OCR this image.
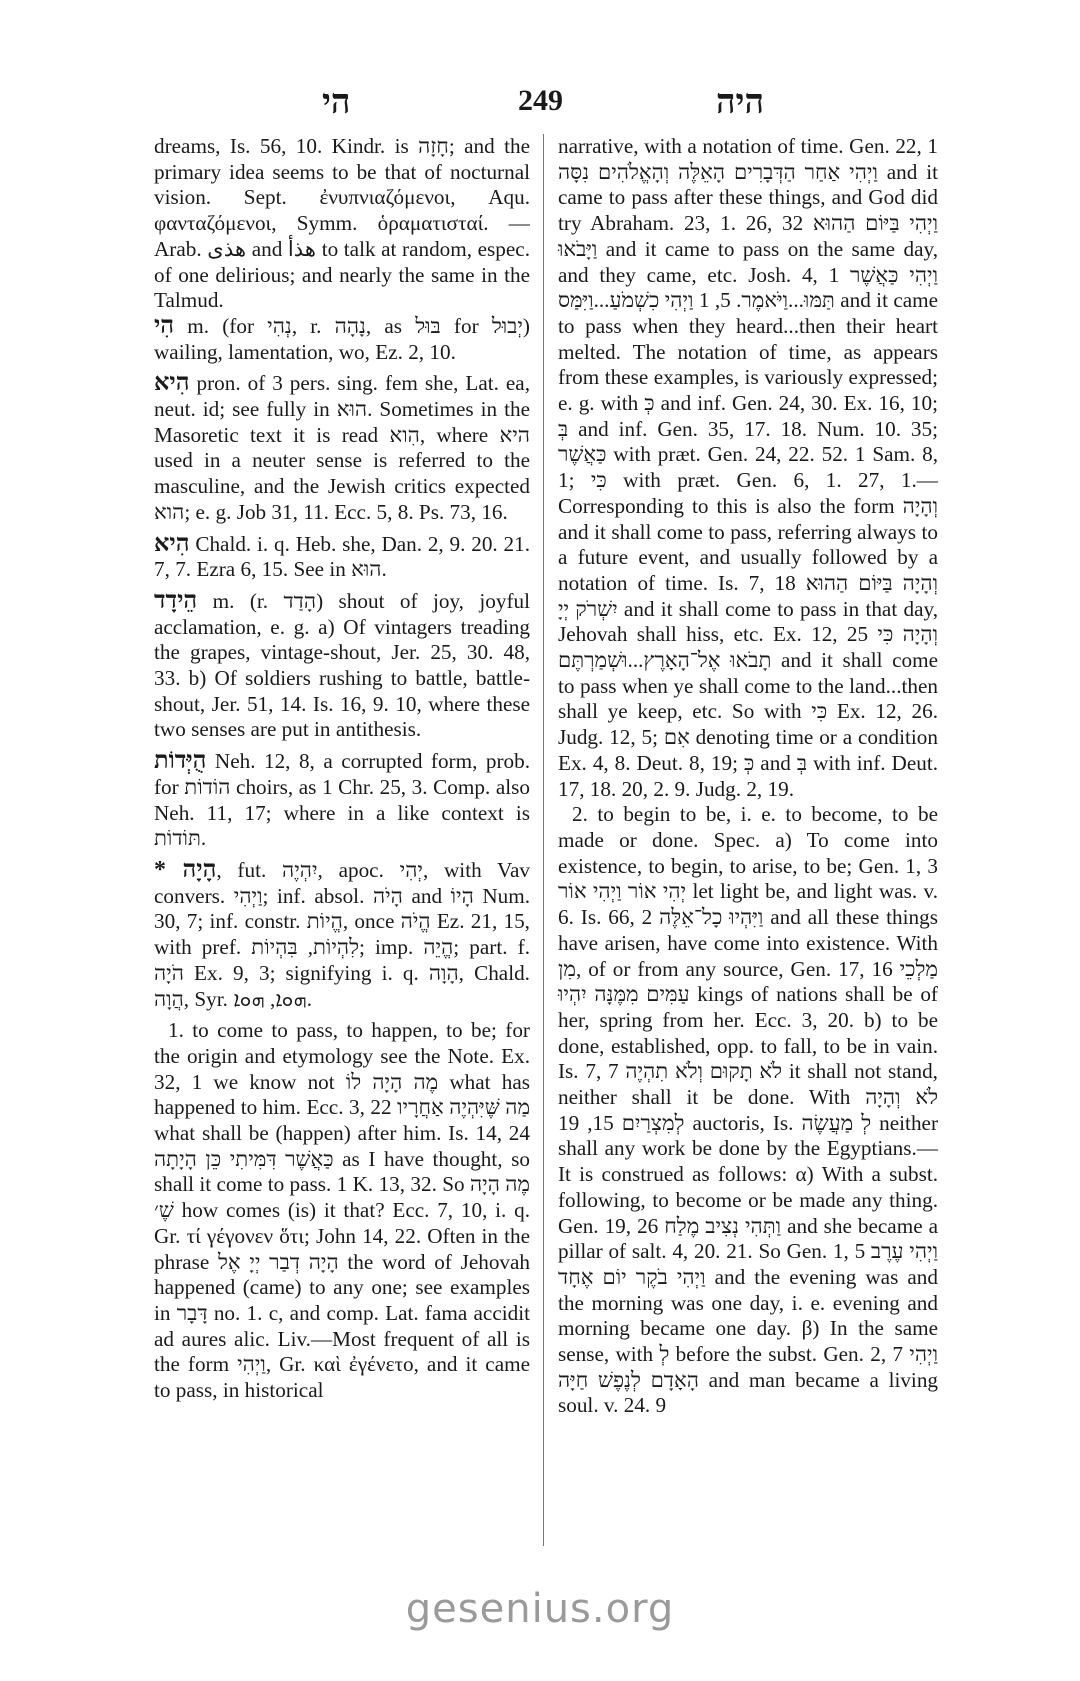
הי	249	היה

dreams, Is. 56, 10. Kindr. is חָזָה; and the primary idea seems to be that of nocturnal vision. Sept. ἐνυπνιαζόμενοι, Aqu. φανταζόμενοι, Symm. ὁραματισταί. —Arab. هذى and هذأ to talk at random, espec. of one delirious; and nearly the same in the Talmud.

הִי m. (for נְהִי, r. נָהָה, as בּוּל for יְבוּל) wailing, lamentation, wo, Ez. 2, 10.

הִיא pron. of 3 pers. sing. fem she, Lat. ea, neut. id; see fully in הוּא. Sometimes in the Masoretic text it is read הִוא, where היא used in a neuter sense is referred to the masculine, and the Jewish critics expected הוא; e. g. Job 31, 11. Ecc. 5, 8. Ps. 73, 16.

הִיא Chald. i. q. Heb. she, Dan. 2, 9. 20. 21. 7, 7. Ezra 6, 15. See in הוּא.

הֵידָד m. (r. הָדַד) shout of joy, joyful acclamation, e. g. a) Of vintagers treading the grapes, vintage-shout, Jer. 25, 30. 48, 33. b) Of soldiers rushing to battle, battle-shout, Jer. 51, 14. Is. 16, 9. 10, where these two senses are put in antithesis.

הֻיְּדוֹת Neh. 12, 8, a corrupted form, prob. for הוֹדוֹת choirs, as 1 Chr. 25, 3. Comp. also Neh. 11, 17; where in a like context is תּוֹדוֹת.

* הָיָה, fut. יִהְיֶה, apoc. יְהִי, with Vav convers. וַיְהִי; inf. absol. הָיֹה and הָיוֹ Num. 30, 7; inf. constr. הֱיוֹת, once הֱיֹה Ez. 21, 15, with pref. לִהְיוֹת, בִּהְיוֹת; imp. הֱיֵה; part. f. הֹיָה Ex. 9, 3; signifying i. q. הָוָה, Chald. הֲוָה, Syr. ܗܘܐ, ܗܘܐ.

1. to come to pass, to happen, to be; for the origin and etymology see the Note. Ex. 32, 1 we know not מֶה הָיָה לוֹ what has happened to him. Ecc. 3, 22 מַה שֶּׁיִּהְיֶה אַחֲרָיו what shall be (happen) after him. Is. 14, 24 כַּאֲשֶׁר דִּמִּיתִי כֵּן הָיָתָה as I have thought, so shall it come to pass. 1 K. 13, 32. So מֶה הָיָה שֶׁ׳ how comes (is) it that? Ecc. 7, 10, i. q. Gr. τί γέγονεν ὅτι; John 14, 22. Often in the phrase הָיָה דְבַר יְיָ אֶל the word of Jehovah happened (came) to any one; see examples in דָּבָר no. 1. c, and comp. Lat. fama accidit ad aures alic. Liv.—Most frequent of all is the form וַיְהִי, Gr. καὶ ἐγένετο, and it came to pass, in historical

narrative, with a notation of time. Gen. 22, 1 וַיְהִי אַחַר הַדְּבָרִים הָאֵלֶּה וְהָאֱלֹהִים נִסָּה and it came to pass after these things, and God did try Abraham. 23, 1. 26, 32 וַיְהִי בַּיּוֹם הַהוּא וַיָּבֹאוּ and it came to pass on the same day, and they came, etc. Josh. 4, 1 וַיְהִי כַּאֲשֶׁר תַּמּוּ...וַיֹּאמֶר. 5, 1 וַיְהִי כִשְׁמֹעַ...וַיִּמַּס and it came to pass when they heard...then their heart melted. The notation of time, as appears from these examples, is variously expressed; e. g. with כְּ and inf. Gen. 24, 30. Ex. 16, 10; בְּ and inf. Gen. 35, 17. 18. Num. 10. 35; כַּאֲשֶׁר with præt. Gen. 24, 22. 52. 1 Sam. 8, 1; כִּי with præt. Gen. 6, 1. 27, 1.—Corresponding to this is also the form וְהָיָה and it shall come to pass, referring always to a future event, and usually followed by a notation of time. Is. 7, 18 וְהָיָה בַּיּוֹם הַהוּא יִשְׁרֹק יְיָ and it shall come to pass in that day, Jehovah shall hiss, etc. Ex. 12, 25 וְהָיָה כִּי תָבֹאוּ אֶל־הָאָרֶץ...וּשְׁמַרְתֶּם and it shall come to pass when ye shall come to the land...then shall ye keep, etc. So with כִּי Ex. 12, 26. Judg. 12, 5; אִם denoting time or a condition Ex. 4, 8. Deut. 8, 19; כְּ and בְּ with inf. Deut. 17, 18. 20, 2. 9. Judg. 2, 19.

2. to begin to be, i. e. to become, to be made or done. Spec. a) To come into existence, to begin, to arise, to be; Gen. 1, 3 יְהִי אוֹר וַיְהִי אוֹר let light be, and light was. v. 6. Is. 66, 2 וַיִּהְיוּ כָל־אֵלֶּה and all these things have arisen, have come into existence. With מִן, of or from any source, Gen. 17, 16 מַלְכֵי עַמִּים מִמֶּנָּה יִהְיוּ kings of nations shall be of her, spring from her. Ecc. 3, 20. b) to be done, established, opp. to fall, to be in vain. Is. 7, 7 לֹא תָקוּם וְלֹא תִהְיֶה it shall not stand, neither shall it be done. With לֹא וְהָיָה לְמִצְרַיִם 15, 19 auctoris, Is. לְ מַעֲשֶׂה neither shall any work be done by the Egyptians.—It is construed as follows: α) With a subst. following, to become or be made any thing. Gen. 19, 26 וַתְּהִי נְצִיב מֶלַח and she became a pillar of salt. 4, 20. 21. So Gen. 1, 5 וַיְהִי עֶרֶב וַיְהִי בֹקֶר יוֹם אֶחָד and the evening was and the morning was one day, i. e. evening and morning became one day. β) In the same sense, with לְ before the subst. Gen. 2, 7 וַיְהִי הָאָדָם לְנֶפֶשׁ חַיָּה and man became a living soul. v. 24. 9

gesenius.org
